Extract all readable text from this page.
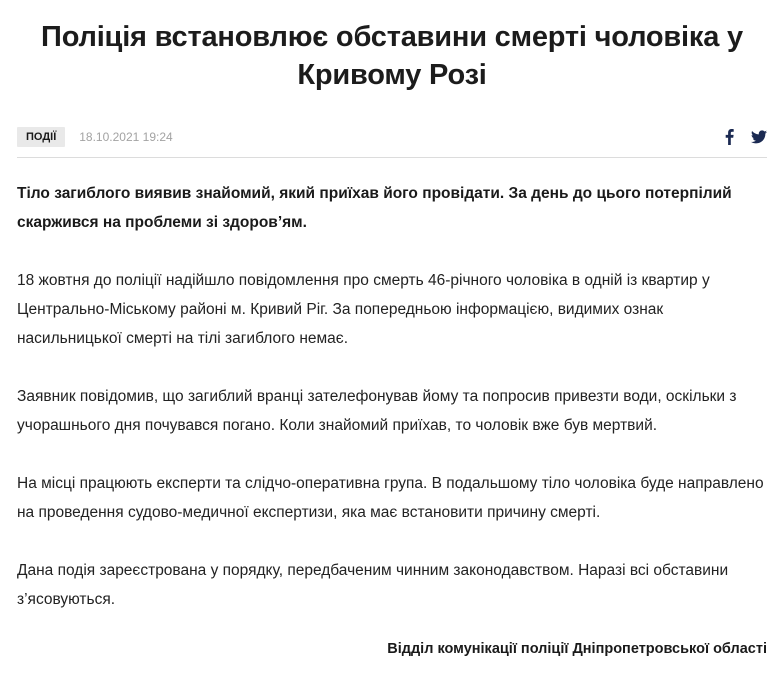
Поліція встановлює обставини смерті чоловіка у Кривому Розі
ПОДІЇ	18.10.2021 19:24

Тіло загиблого виявив знайомий, який приїхав його провідати. За день до цього потерпілий скаржився на проблеми зі здоров’ям.

18 жовтня до поліції надійшло повідомлення про смерть 46-річного чоловіка в одній із квартир у Центрально-Міському районі м. Кривий Ріг. За попередньою інформацією, видимих ознак насильницької смерті на тілі загиблого немає.

Заявник повідомив, що загиблий вранці зателефонував йому та попросив привезти води, оскільки з учорашнього дня почувався погано. Коли знайомий приїхав, то чоловік вже був мертвий.

На місці працюють експерти та слідчо-оперативна група. В подальшому тіло чоловіка буде направлено на проведення судово-медичної експертизи, яка має встановити причину смерті.

Дана подія зареєстрована у порядку, передбаченим чинним законодавством. Наразі всі обставини з’ясовуються.

Відділ комунікації поліції Дніпропетровської області
